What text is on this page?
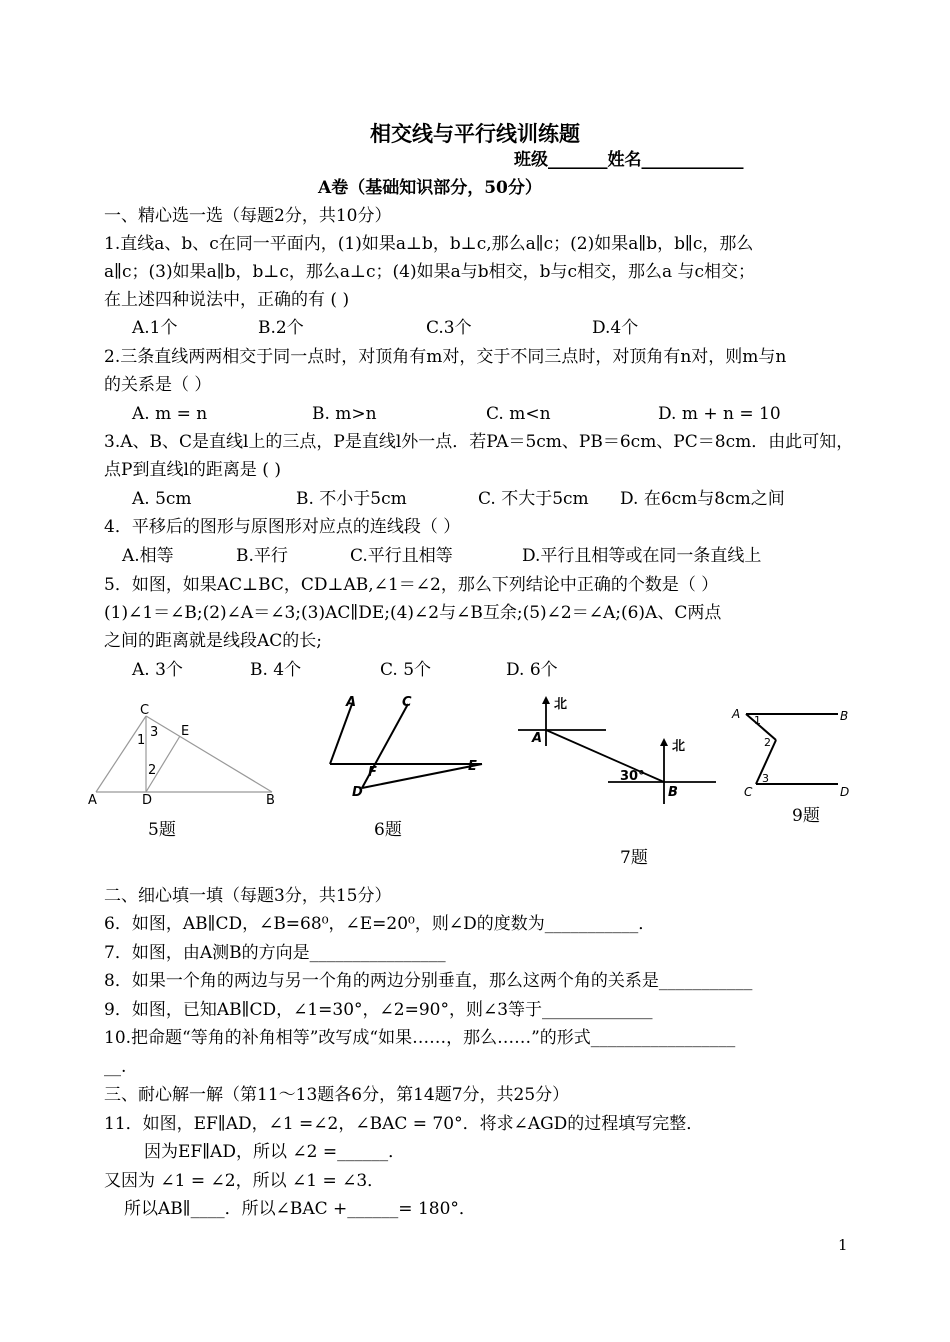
相交线与平行线训练题
班级_______姓名____________
A卷（基础知识部分，50分）
一、精心选一选（每题2分，共10分）
1.直线a、b、c在同一平面内，(1)如果a⊥b，b⊥c,那么a∥c；(2)如果a∥b，b∥c，那么
a∥c；(3)如果a∥b，b⊥c，那么a⊥c；(4)如果a与b相交，b与c相交，那么a 与c相交；
在上述四种说法中，正确的有 ( )
A.1个	B.2个	C.3个	D.4个
2.三条直线两两相交于同一点时，对顶角有m对，交于不同三点时，对顶角有n对，则m与n
的关系是（ ）
A. m = n	B. m>n	C. m<n	D. m + n = 10
3.A、B、C是直线l上的三点，P是直线l外一点．若PA＝5cm、PB＝6cm、PC＝8cm．由此可知，
点P到直线l的距离是 ( )
A. 5cm	B. 不小于5cm	C. 不大于5cm D. 在6cm与8cm之间
4．平移后的图形与原图形对应点的连线段（ ）
A.相等	B.平行	C.平行且相等	D.平行且相等或在同一条直线上
5．如图，如果AC⊥BC，CD⊥AB,∠1＝∠2，那么下列结论中正确的个数是（ ）
(1)∠1＝∠B;(2)∠A＝∠3;(3)AC∥DE;(4)∠2与∠B互余;(5)∠2＝∠A;(6)A、C两点
之间的距离就是线段AC的长;
A. 3个	B. 4个	C. 5个	D. 6个
C
E
A	D	B
1
3
2
5题
A	C
F	E
D
6题
北
北
A
B
30°
7题
A	B
C	D
1
2
3
9题
二、细心填一填（每题3分，共15分）
6．如图，AB∥CD，∠B=68⁰，∠E=20⁰，则∠D的度数为___________．
7．如图，由A测B的方向是________________
8．如果一个角的两边与另一个角的两边分别垂直，那么这两个角的关系是___________
9．如图，已知AB∥CD，∠1=30°，∠2=90°，则∠3等于_____________
10.把命题“等角的补角相等”改写成“如果……，那么……”的形式_________________
__.
三、耐心解一解（第11～13题各6分，第14题7分，共25分）
11．如图，EF∥AD，∠1 =∠2，∠BAC = 70°．将求∠AGD的过程填写完整．
因为EF∥AD，所以 ∠2 =______．
又因为 ∠1 = ∠2，所以 ∠1 = ∠3．
所以AB∥____．所以∠BAC +______= 180°．
1
